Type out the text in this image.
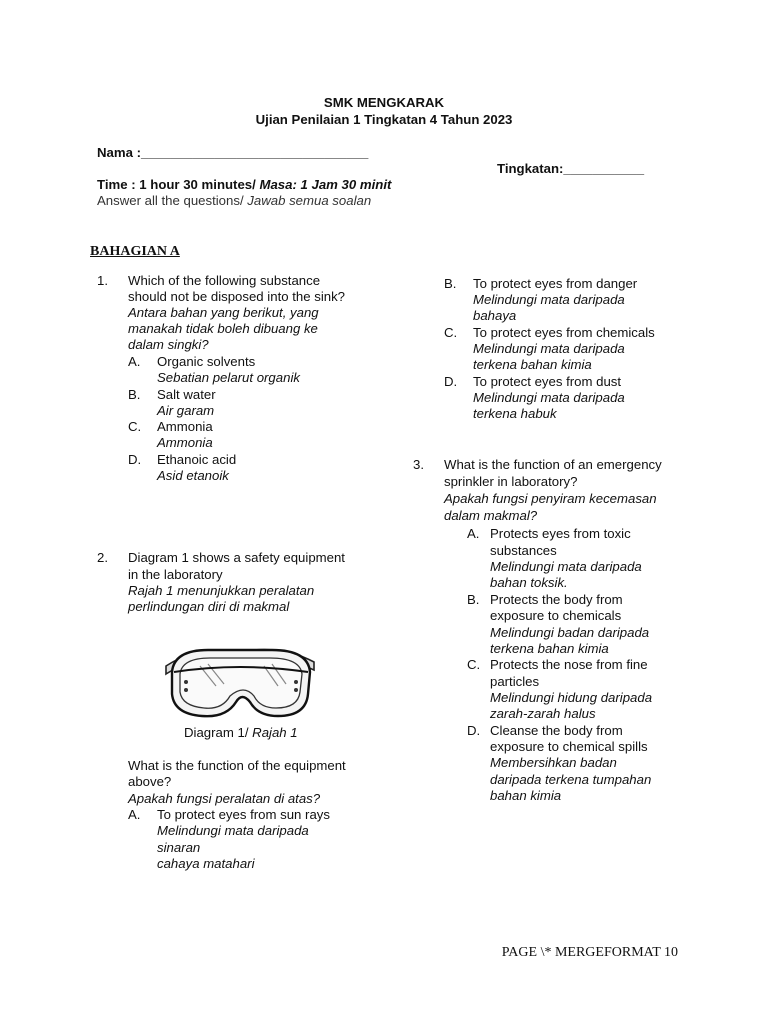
SMK MENGKARAK
Ujian Penilaian 1 Tingkatan 4 Tahun 2023
Nama :_______________________________
Tingkatan:___________
Time : 1 hour 30 minutes/ Masa: 1 Jam 30 minit
Answer all the questions/ Jawab semua soalan
BAHAGIAN A
1. Which of the following substance
should not be disposed into the sink?
Antara bahan yang berikut, yang
manakah tidak boleh dibuang ke
dalam singki?
A. Organic solvents
Sebatian pelarut organik
B. Salt water
Air garam
C. Ammonia
Ammonia
D. Ethanoic acid
Asid etanoik
2. Diagram 1 shows a safety equipment
in the laboratory
Rajah 1 menunjukkan peralatan
perlindungan diri di makmal
Diagram 1/ Rajah 1
What is the function of the equipment
above?
Apakah fungsi peralatan di atas?
A. To protect eyes from sun rays
Melindungi mata daripada
sinaran
cahaya matahari
B. To protect eyes from danger
Melindungi mata daripada
bahaya
C. To protect eyes from chemicals
Melindungi mata daripada
terkena bahan kimia
D. To protect eyes from dust
Melindungi mata daripada
terkena habuk
3. What is the function of an emergency
sprinkler in laboratory?
Apakah fungsi penyiram kecemasan
dalam makmal?
A. Protects eyes from toxic
substances
Melindungi mata daripada
bahan toksik.
B. Protects the body from
exposure to chemicals
Melindungi badan daripada
terkena bahan kimia
C. Protects the nose from fine
particles
Melindungi hidung daripada
zarah-zarah halus
D. Cleanse the body from
exposure to chemical spills
Membersihkan badan
daripada terkena tumpahan
bahan kimia
PAGE \* MERGEFORMAT 10
